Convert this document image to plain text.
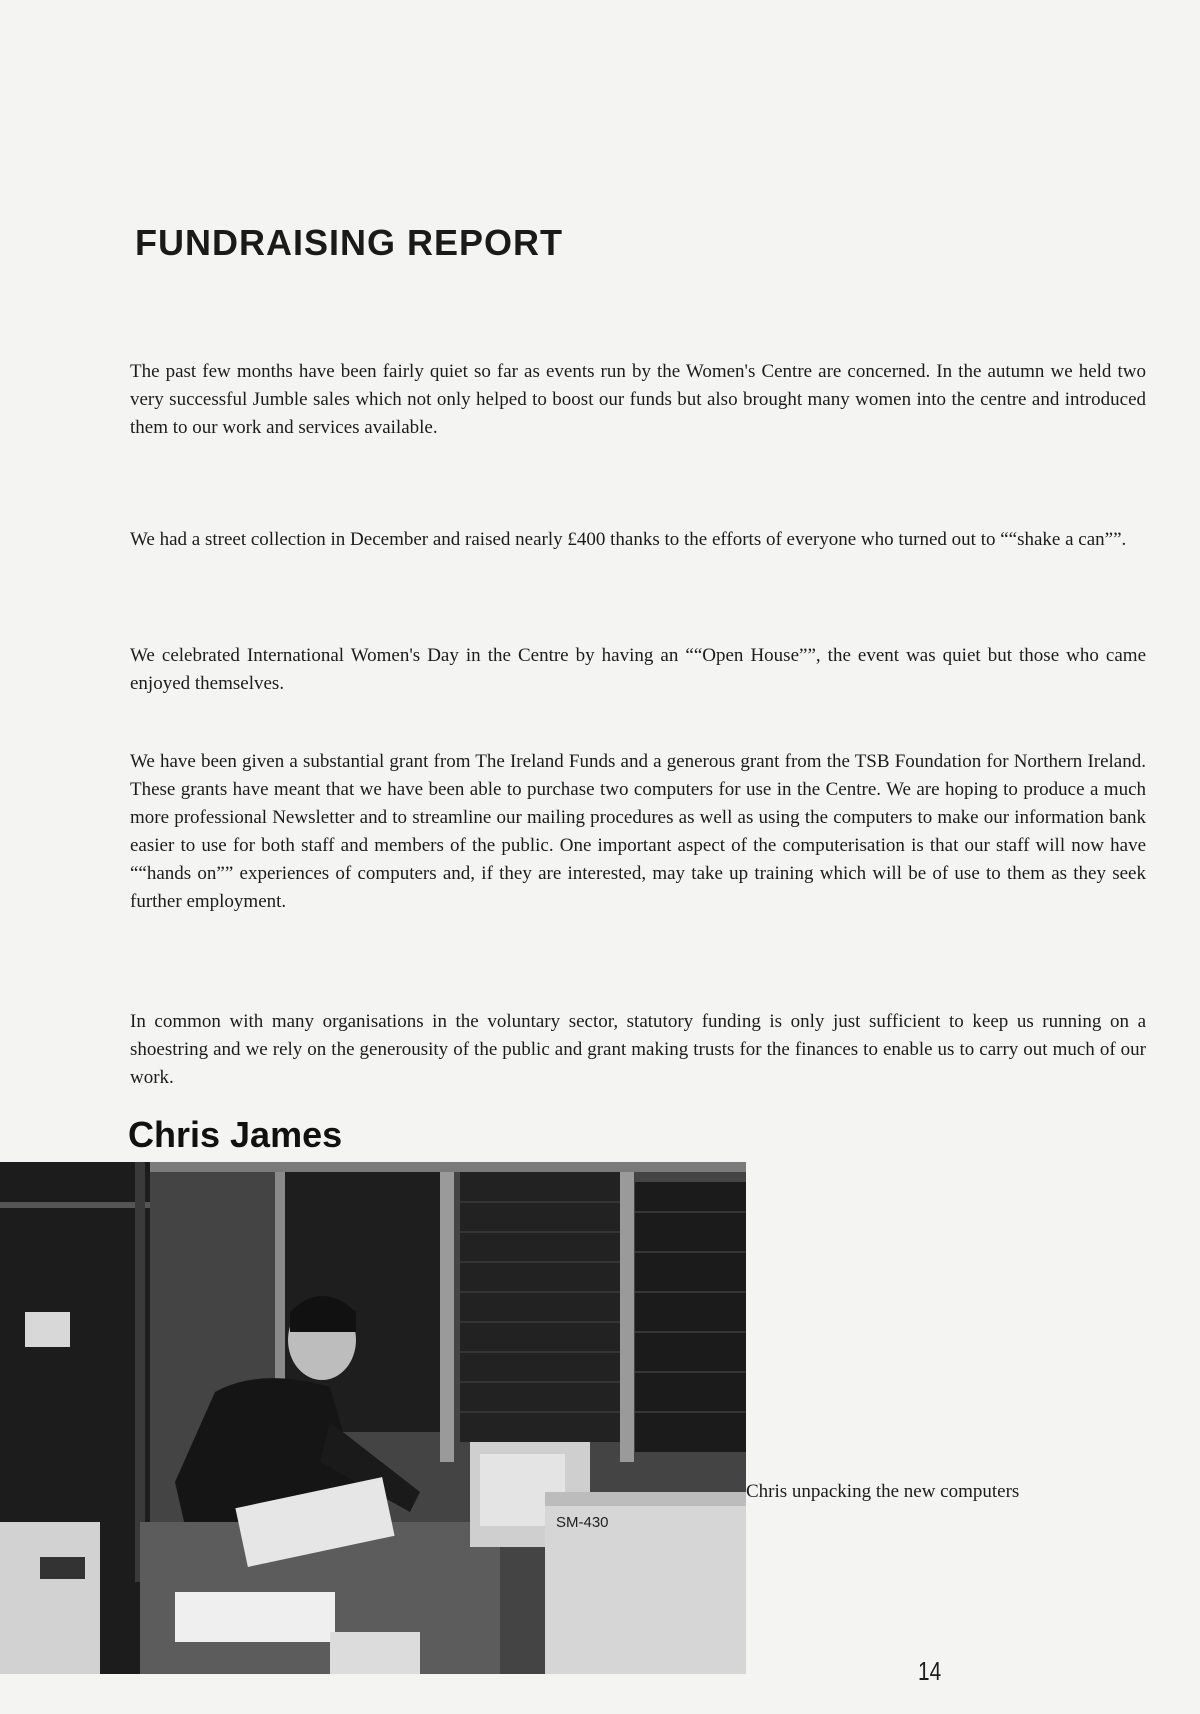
FUNDRAISING REPORT

The past few months have been fairly quiet so far as events run by the Women's Centre are concerned. In the autumn we held two very successful Jumble sales which not only helped to boost our funds but also brought many women into the centre and introduced them to our work and services available.

We had a street collection in December and raised nearly £400 thanks to the efforts of everyone who turned out to ““shake a can””.

We celebrated International Women's Day in the Centre by having an ““Open House””, the event was quiet but those who came enjoyed themselves.

We have been given a substantial grant from The Ireland Funds and a generous grant from the TSB Foundation for Northern Ireland. These grants have meant that we have been able to purchase two computers for use in the Centre. We are hoping to produce a much more professional Newsletter and to streamline our mailing procedures as well as using the computers to make our information bank easier to use for both staff and members of the public. One important aspect of the computerisation is that our staff will now have ““hands on”” experiences of computers and, if they are interested, may take up training which will be of use to them as they seek further employment.

In common with many organisations in the voluntary sector, statutory funding is only just sufficient to keep us running on a shoestring and we rely on the generousity of the public and grant making trusts for the finances to enable us to carry out much of our work.

Chris James
SM-430

Chris unpacking the new computers

14
